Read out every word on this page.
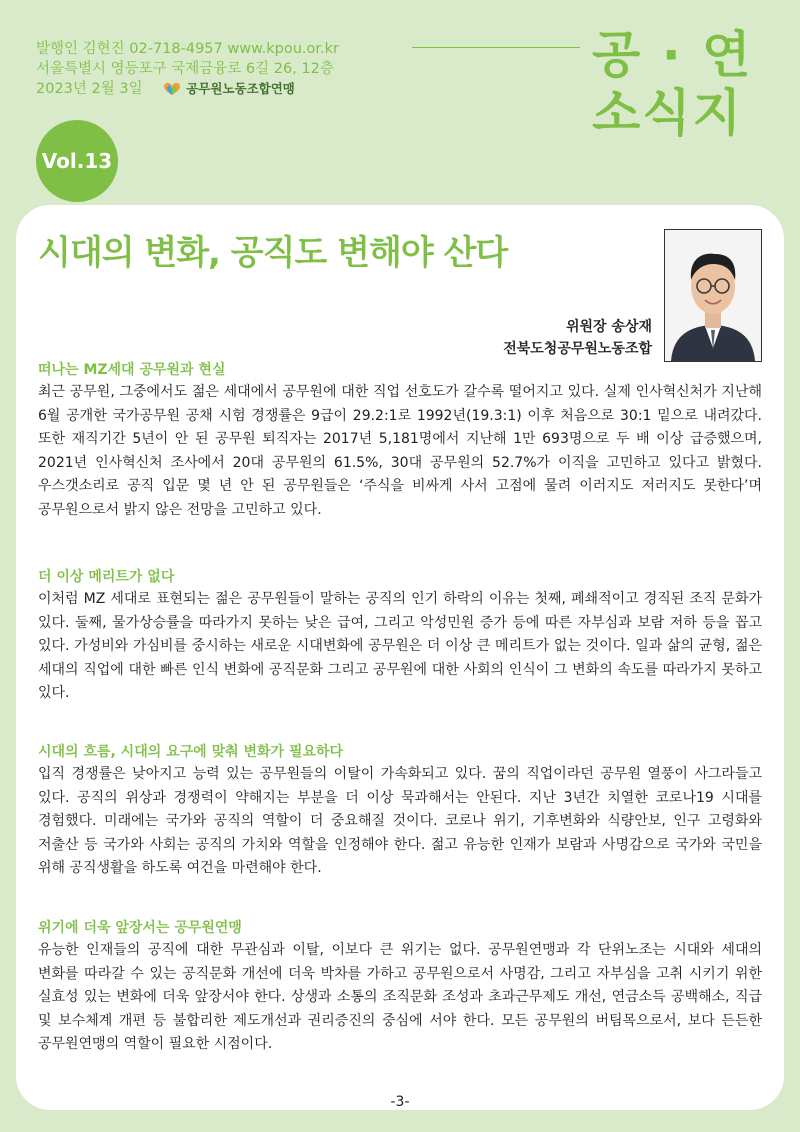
발행인 김현진 02-718-4957 www.kpou.or.kr
서울특별시 영등포구 국제금융로 6길 26, 12층
2023년 2월 3일	공무원노동조합연맹
공 · 연
소식지
Vol.13
시대의 변화, 공직도 변해야 산다
위원장 송상재
전북도청공무원노동조합

떠나는 MZ세대 공무원과 현실

최근 공무원, 그중에서도 젊은 세대에서 공무원에 대한 직업 선호도가 갈수록 떨어지고 있다. 실제 인사혁신처가 지난해 6월 공개한 국가공무원 공채 시험 경쟁률은 9급이 29.2:1로 1992년(19.3:1) 이후 처음으로 30:1 밑으로 내려갔다. 또한 재직기간 5년이 안 된 공무원 퇴직자는 2017년 5,181명에서 지난해 1만 693명으로 두 배 이상 급증했으며, 2021년 인사혁신처 조사에서 20대 공무원의 61.5%, 30대 공무원의 52.7%가 이직을 고민하고 있다고 밝혔다. 우스갯소리로 공직 입문 몇 년 안 된 공무원들은 ‘주식을 비싸게 사서 고점에 물려 이러지도 저러지도 못한다’며 공무원으로서 밝지 않은 전망을 고민하고 있다.

더 이상 메리트가 없다

이처럼 MZ 세대로 표현되는 젊은 공무원들이 말하는 공직의 인기 하락의 이유는 첫째, 폐쇄적이고 경직된 조직 문화가 있다. 둘째, 물가상승률을 따라가지 못하는 낮은 급여, 그리고 악성민원 증가 등에 따른 자부심과 보람 저하 등을 꼽고 있다. 가성비와 가심비를 중시하는 새로운 시대변화에 공무원은 더 이상 큰 메리트가 없는 것이다. 일과 삶의 균형, 젊은 세대의 직업에 대한 빠른 인식 변화에 공직문화 그리고 공무원에 대한 사회의 인식이 그 변화의 속도를 따라가지 못하고 있다.

시대의 흐름, 시대의 요구에 맞춰 변화가 필요하다

입직 경쟁률은 낮아지고 능력 있는 공무원들의 이탈이 가속화되고 있다. 꿈의 직업이라던 공무원 열풍이 사그라들고 있다. 공직의 위상과 경쟁력이 약해지는 부분을 더 이상 묵과해서는 안된다. 지난 3년간 치열한 코로나19 시대를 경험했다. 미래에는 국가와 공직의 역할이 더 중요해질 것이다. 코로나 위기, 기후변화와 식량안보, 인구 고령화와 저출산 등 국가와 사회는 공직의 가치와 역할을 인정해야 한다. 젊고 유능한 인재가 보람과 사명감으로 국가와 국민을 위해 공직생활을 하도록 여건을 마련해야 한다.

위기에 더욱 앞장서는 공무원연맹

유능한 인재들의 공직에 대한 무관심과 이탈, 이보다 큰 위기는 없다. 공무원연맹과 각 단위노조는 시대와 세대의 변화를 따라갈 수 있는 공직문화 개선에 더욱 박차를 가하고 공무원으로서 사명감, 그리고 자부심을 고취 시키기 위한 실효성 있는 변화에 더욱 앞장서야 한다. 상생과 소통의 조직문화 조성과 초과근무제도 개선, 연금소득 공백해소, 직급 및 보수체계 개편 등 불합리한 제도개선과 권리증진의 중심에 서야 한다. 모든 공무원의 버팀목으로서, 보다 든든한 공무원연맹의 역할이 필요한 시점이다.

-3-
